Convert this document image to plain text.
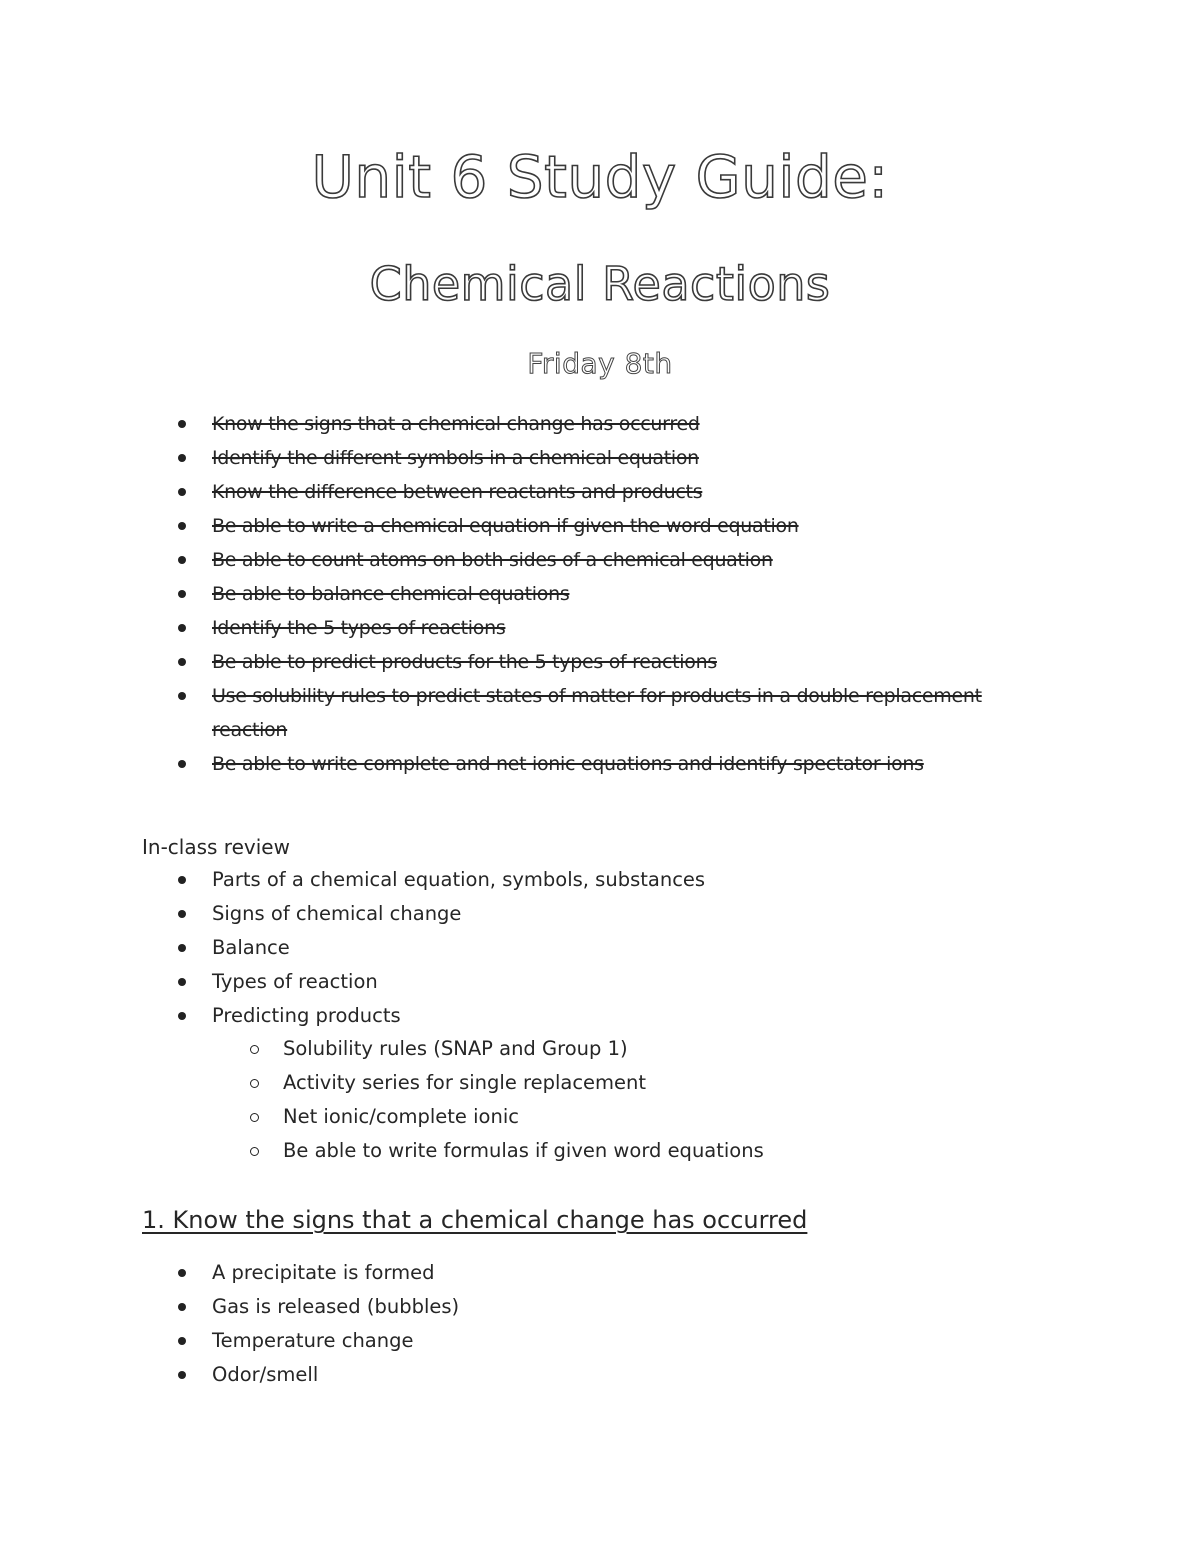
Unit 6 Study Guide:
Chemical Reactions
Friday 8th
Know the signs that a chemical change has occurred
Identify the different symbols in a chemical equation
Know the difference between reactants and products
Be able to write a chemical equation if given the word equation
Be able to count atoms on both sides of a chemical equation
Be able to balance chemical equations
Identify the 5 types of reactions
Be able to predict products for the 5 types of reactions
Use solubility rules to predict states of matter for products in a double replacement reaction
Be able to write complete and net ionic equations and identify spectator ions
In-class review
Parts of a chemical equation, symbols, substances
Signs of chemical change
Balance
Types of reaction
Predicting products
Solubility rules (SNAP and Group 1)
Activity series for single replacement
Net ionic/complete ionic
Be able to write formulas if given word equations
1. Know the signs that a chemical change has occurred
A precipitate is formed
Gas is released (bubbles)
Temperature change
Odor/smell
